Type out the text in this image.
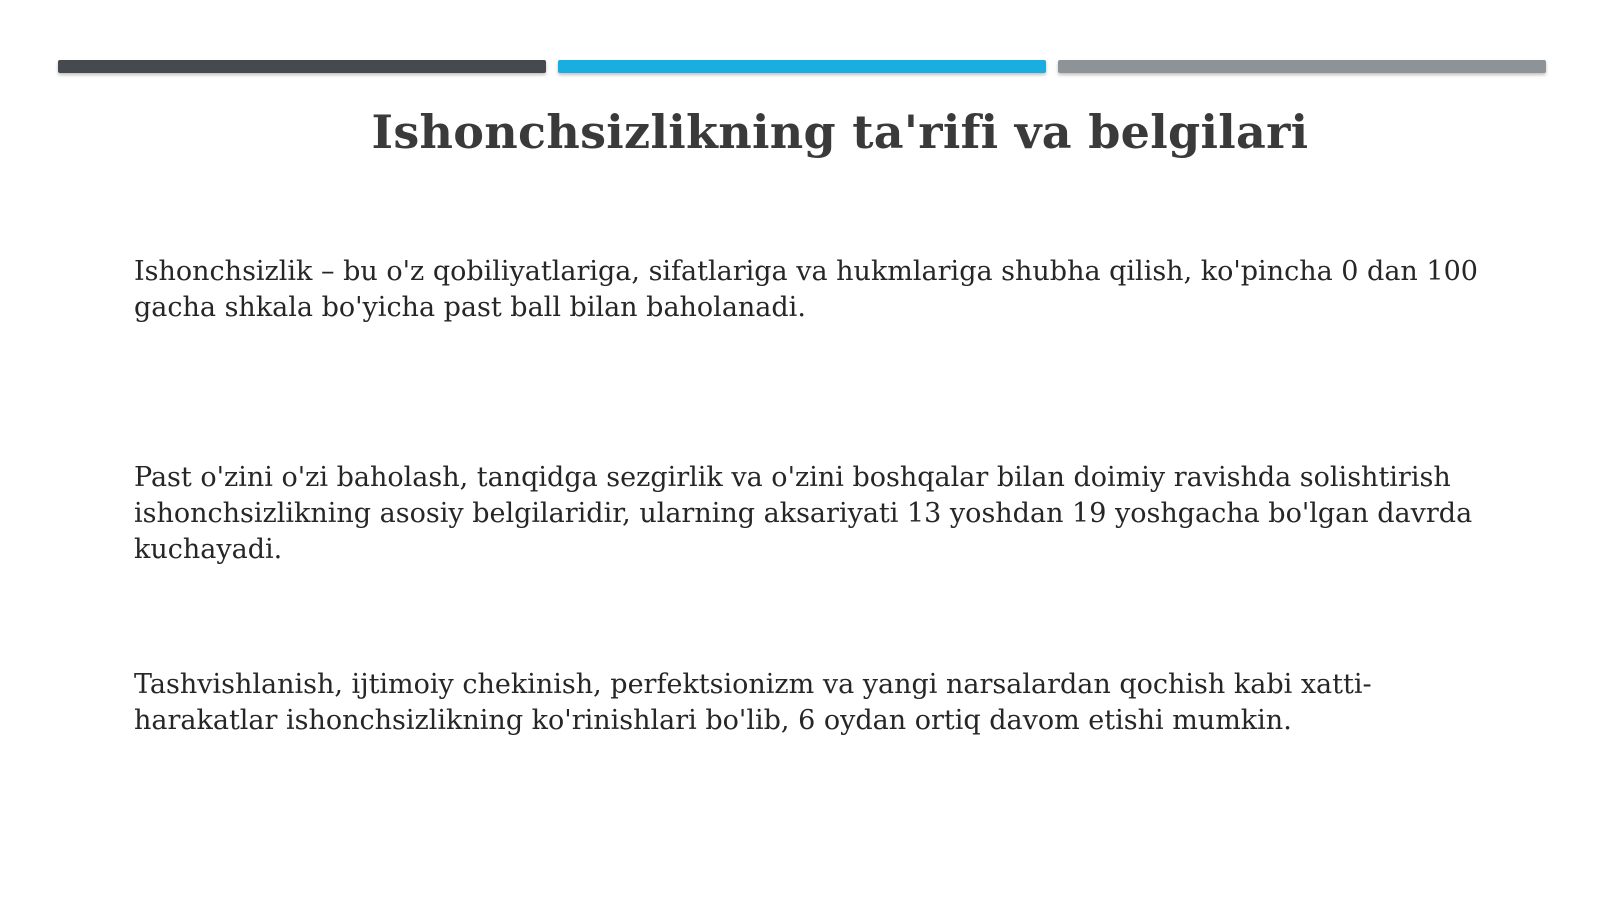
Ishonchsizlikning ta'rifi va belgilari
Ishonchsizlik – bu o'z qobiliyatlariga, sifatlariga va hukmlariga shubha qilish, ko'pincha 0 dan 100 gacha shkala bo'yicha past ball bilan baholanadi.
Past o'zini o'zi baholash, tanqidga sezgirlik va o'zini boshqalar bilan doimiy ravishda solishtirish ishonchsizlikning asosiy belgilaridir, ularning aksariyati 13 yoshdan 19 yoshgacha bo'lgan davrda kuchayadi.
Tashvishlanish, ijtimoiy chekinish, perfektsionizm va yangi narsalardan qochish kabi xatti-harakatlar ishonchsizlikning ko'rinishlari bo'lib, 6 oydan ortiq davom etishi mumkin.
